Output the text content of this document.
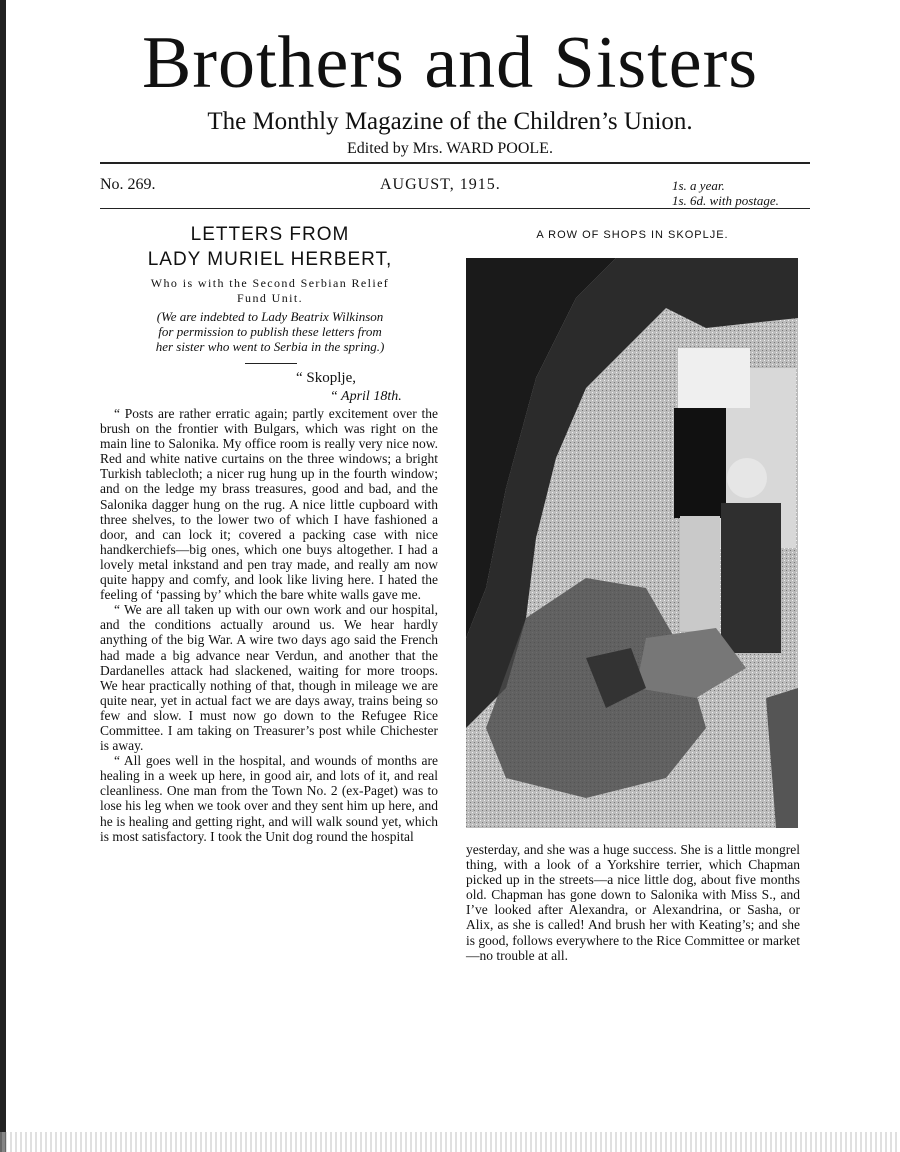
Brothers and Sisters
The Monthly Magazine of the Children’s Union.
Edited by Mrs. WARD POOLE.
No. 269.	AUGUST, 1915.	1s. a year.
1s. 6d. with postage.
LETTERS FROM
LADY MURIEL HERBERT,
Who is with the Second Serbian Relief
Fund Unit.
(We are indebted to Lady Beatrix Wilkinson
for permission to publish these letters from
her sister who went to Serbia in the spring.)
“ Skoplje,
“ April 18th.

“ Posts are rather erratic again; partly excitement over the brush on the frontier with Bulgars, which was right on the main line to Salonika. My office room is really very nice now. Red and white native curtains on the three windows; a bright Turkish tablecloth; a nicer rug hung up in the fourth window; and on the ledge my brass treasures, good and bad, and the Salonika dagger hung on the rug. A nice little cupboard with three shelves, to the lower two of which I have fashioned a door, and can lock it; covered a packing case with nice handkerchiefs—big ones, which one buys altogether. I had a lovely metal inkstand and pen tray made, and really am now quite happy and comfy, and look like living here. I hated the feeling of ‘passing by’ which the bare white walls gave me.

“ We are all taken up with our own work and our hospital, and the conditions actually around us. We hear hardly anything of the big War. A wire two days ago said the French had made a big advance near Verdun, and another that the Dardanelles attack had slackened, waiting for more troops. We hear practically nothing of that, though in mileage we are quite near, yet in actual fact we are days away, trains being so few and slow. I must now go down to the Refugee Rice Committee. I am taking on Treasurer’s post while Chichester is away.

“ All goes well in the hospital, and wounds of months are healing in a week up here, in good air, and lots of it, and real cleanliness. One man from the Town No. 2 (ex-Paget) was to lose his leg when we took over and they sent him up here, and he is healing and getting right, and will walk sound yet, which is most satisfactory. I took the Unit dog round the hospital

A ROW OF SHOPS IN SKOPLJE.

yesterday, and she was a huge success. She is a little mongrel thing, with a look of a Yorkshire terrier, which Chapman picked up in the streets—a nice little dog, about five months old. Chapman has gone down to Salonika with Miss S., and I’ve looked after Alexandra, or Alexandrina, or Sasha, or Alix, as she is called! And brush her with Keating’s; and she is good, follows everywhere to the Rice Committee or market—no trouble at all.
